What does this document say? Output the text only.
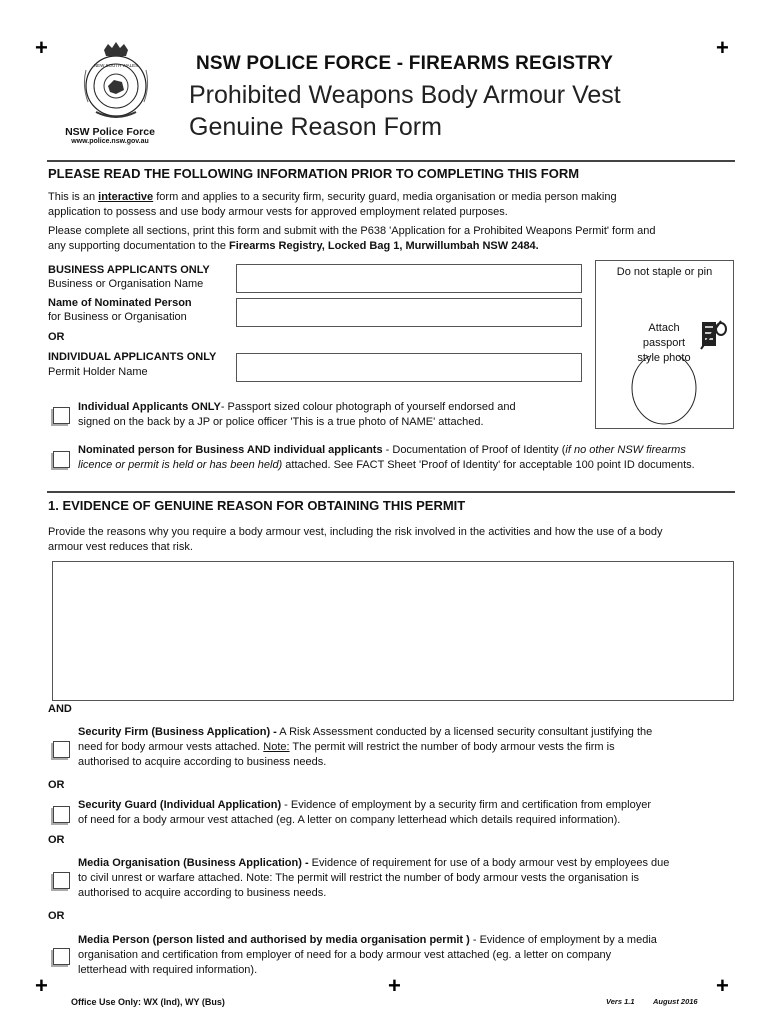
+	+
+	+	+
NEW SOUTH WALES
NSW Police Force
www.police.nsw.gov.au
NSW POLICE FORCE - FIREARMS REGISTRY
Prohibited Weapons Body Armour Vest
Genuine Reason Form
PLEASE READ THE FOLLOWING INFORMATION PRIOR TO COMPLETING THIS FORM
This is an interactive form and applies to a security firm, security guard, media organisation or media person making
application to possess and use body armour vests for approved employment related purposes.
Please complete all sections, print this form and submit with the P638 'Application for a Prohibited Weapons Permit' form and
any supporting documentation to the Firearms Registry, Locked Bag 1, Murwillumbah NSW 2484.
BUSINESS APPLICANTS ONLY
Business or Organisation Name
Name of Nominated Person
for Business or Organisation
OR
INDIVIDUAL APPLICANTS ONLY
Permit Holder Name
Do not staple or pin
Attach
passport
style photo
Individual Applicants ONLY- Passport sized colour photograph of yourself endorsed and
signed on the back by a JP or police officer 'This is a true photo of NAME' attached.
Nominated person for Business AND individual applicants - Documentation of Proof of Identity (if no other NSW firearms
licence or permit is held or has been held) attached. See FACT Sheet 'Proof of Identity' for acceptable 100 point ID documents.
1. EVIDENCE OF GENUINE REASON FOR OBTAINING THIS PERMIT
Provide the reasons why you require a body armour vest, including the risk involved in the activities and how the use of a body
armour vest reduces that risk.
AND
Security Firm (Business Application) - A Risk Assessment conducted by a licensed security consultant justifying the
need for body armour vests attached. Note: The permit will restrict the number of body armour vests the firm is
authorised to acquire according to business needs.
OR
Security Guard (Individual Application) - Evidence of employment by a security firm and certification from employer
of need for a body armour vest attached (eg. A letter on company letterhead which details required information).
OR
Media Organisation (Business Application) - Evidence of requirement for use of a body armour vest by employees due
to civil unrest or warfare attached. Note: The permit will restrict the number of body armour vests the organisation is
authorised to acquire according to business needs.
OR
Media Person (person listed and authorised by media organisation permit ) - Evidence of employment by a media
organisation and certification from employer of need for a body armour vest attached (eg. a letter on company
letterhead with required information).
Office Use Only: WX (Ind), WY (Bus)	Vers 1.1 August 2016
